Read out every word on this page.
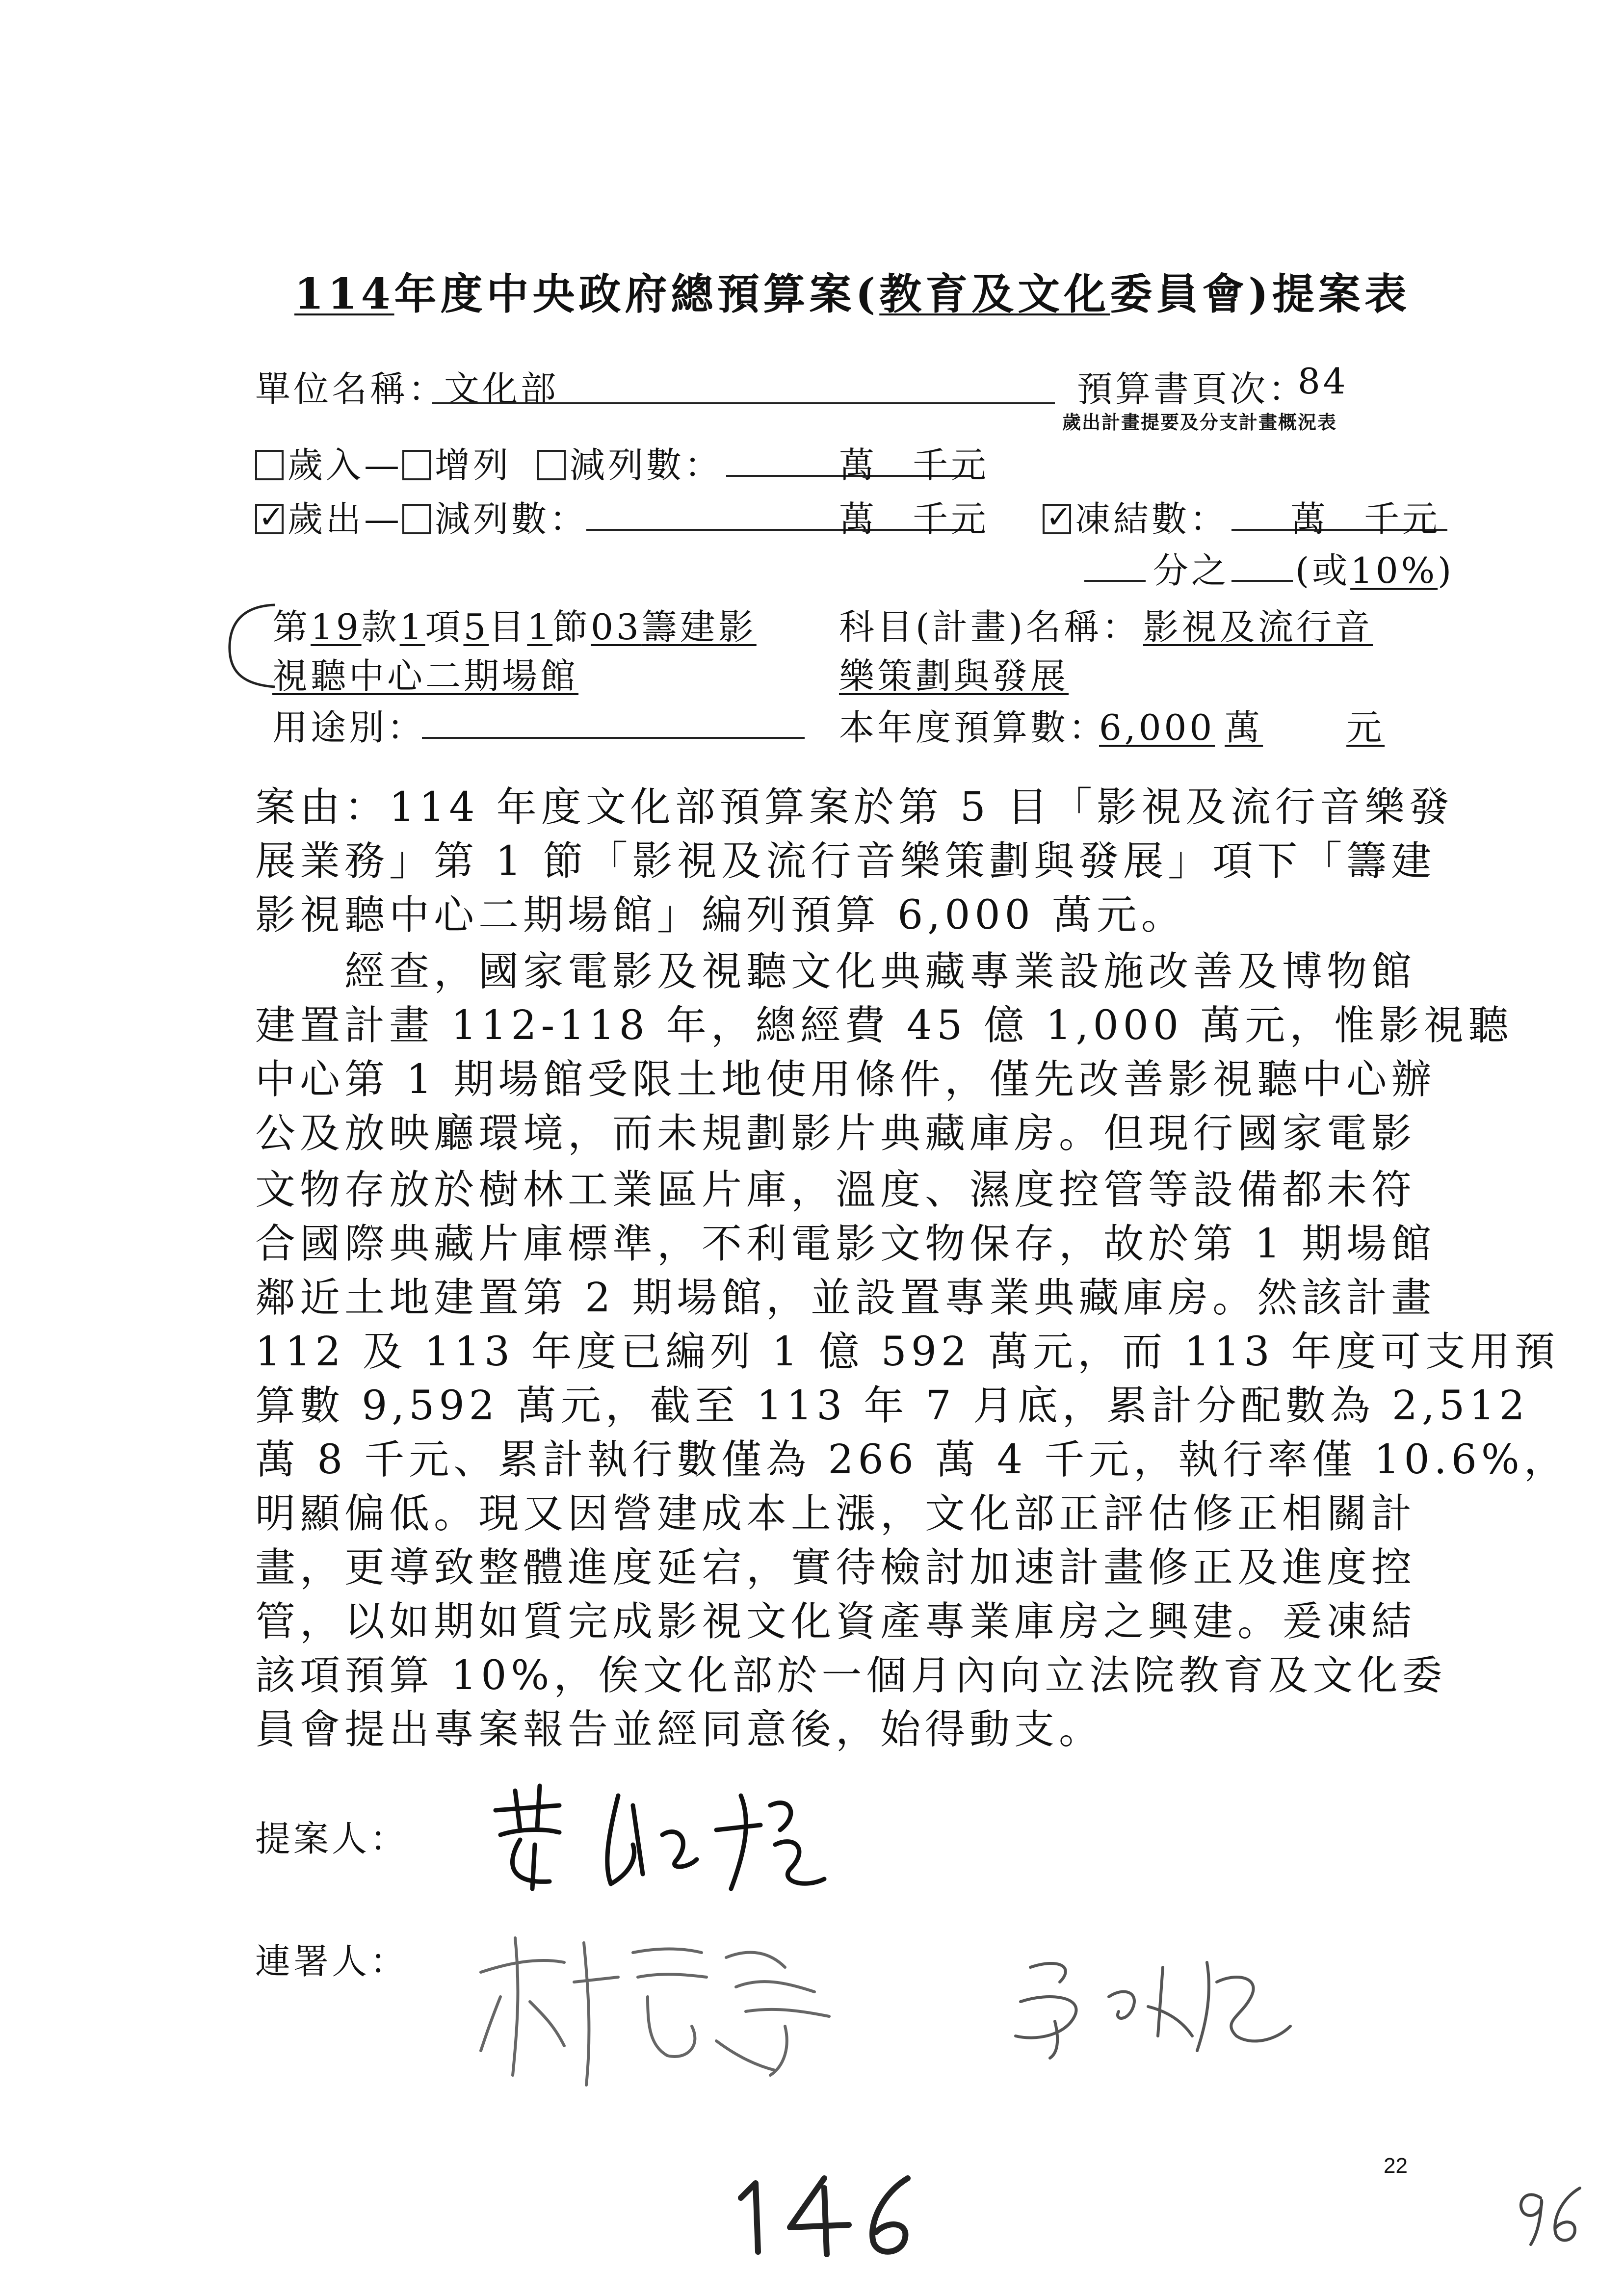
114年度中央政府總預算案(教育及文化委員會)提案表
單位名稱：
文化部	預算書頁次：
84
歲出計畫提要及分支計畫概況表
歲入— 增列 減列數：	萬 千元
✓歲出— 減列數：	萬 千元
✓	凍結數： 萬 千元
分之 (或10%)
第19款1項5目1節03籌建影
視聽中心二期場館
科目(計畫)名稱： 影視及流行音
樂策劃與發展
用途別：	本年度預算數：
6,000 萬 元
案由：114 年度文化部預算案於第 5 目「影視及流行音樂發
展業務」第 1 節「影視及流行音樂策劃與發展」項下「籌建
影視聽中心二期場館」編列預算 6,000 萬元。
　　經查，國家電影及視聽文化典藏專業設施改善及博物館
建置計畫 112-118 年，總經費 45 億 1,000 萬元，惟影視聽
中心第 1 期場館受限土地使用條件，僅先改善影視聽中心辦
公及放映廳環境，而未規劃影片典藏庫房。但現行國家電影
文物存放於樹林工業區片庫，溫度、濕度控管等設備都未符
合國際典藏片庫標準，不利電影文物保存，故於第 1 期場館
鄰近土地建置第 2 期場館，並設置專業典藏庫房。然該計畫
112 及 113 年度已編列 1 億 592 萬元，而 113 年度可支用預
算數 9,592 萬元，截至 113 年 7 月底，累計分配數為 2,512
萬 8 千元、累計執行數僅為 266 萬 4 千元，執行率僅 10.6%，
明顯偏低。現又因營建成本上漲，文化部正評估修正相關計
畫，更導致整體進度延宕，實待檢討加速計畫修正及進度控
管，以如期如質完成影視文化資產專業庫房之興建。爰凍結
該項預算 10%，俟文化部於一個月內向立法院教育及文化委
員會提出專案報告並經同意後，始得動支。
提案人：
連署人：
22
